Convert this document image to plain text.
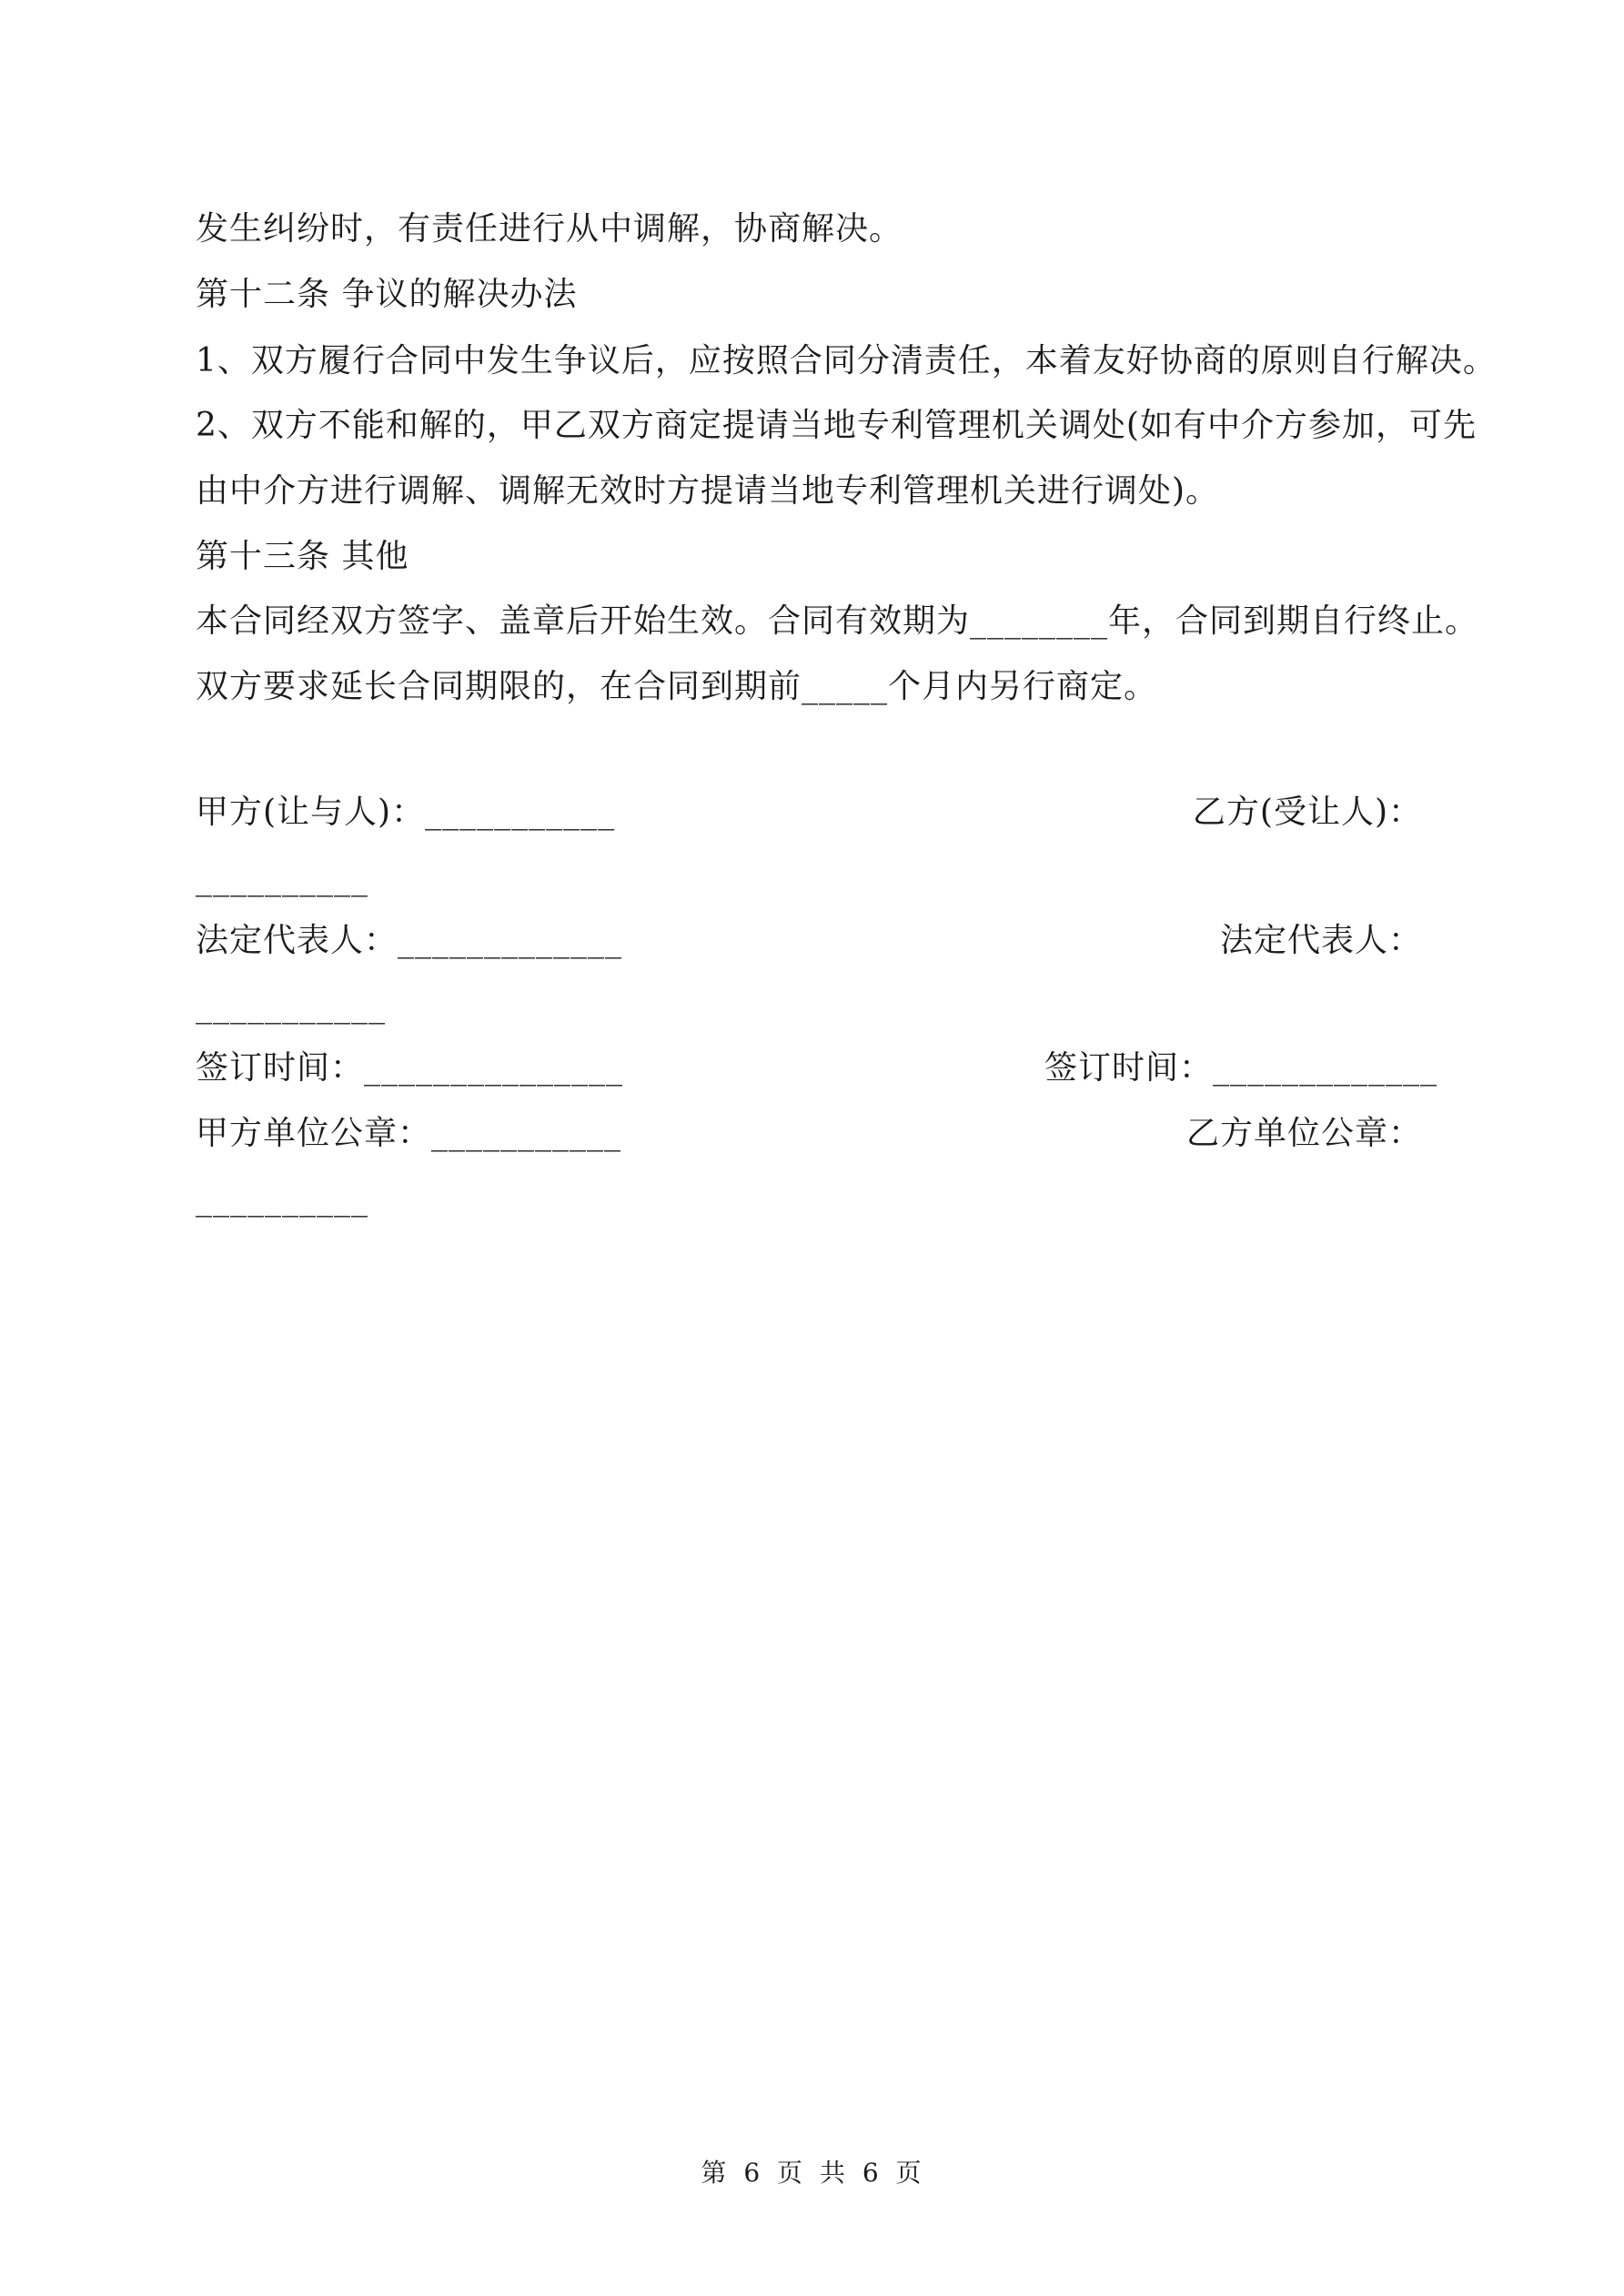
发生纠纷时，有责任进行从中调解，协商解决。
第十二条 争议的解决办法
1、双方履行合同中发生争议后，应按照合同分清责任，本着友好协商的原则自行解决。
2、双方不能和解的，甲乙双方商定提请当地专利管理机关调处(如有中介方参加，可先
由中介方进行调解、调解无效时方提请当地专利管理机关进行调处)。
第十三条 其他
本合同经双方签字、盖章后开始生效。合同有效期为________年，合同到期自行终止。
双方要求延长合同期限的，在合同到期前_____个月内另行商定。
甲方(让与人)：___________	乙方(受让人)：
__________
法定代表人：_____________	法定代表人：
___________
签订时间：_______________	签订时间：_____________
甲方单位公章：___________	乙方单位公章：
__________
第 6 页 共 6 页
